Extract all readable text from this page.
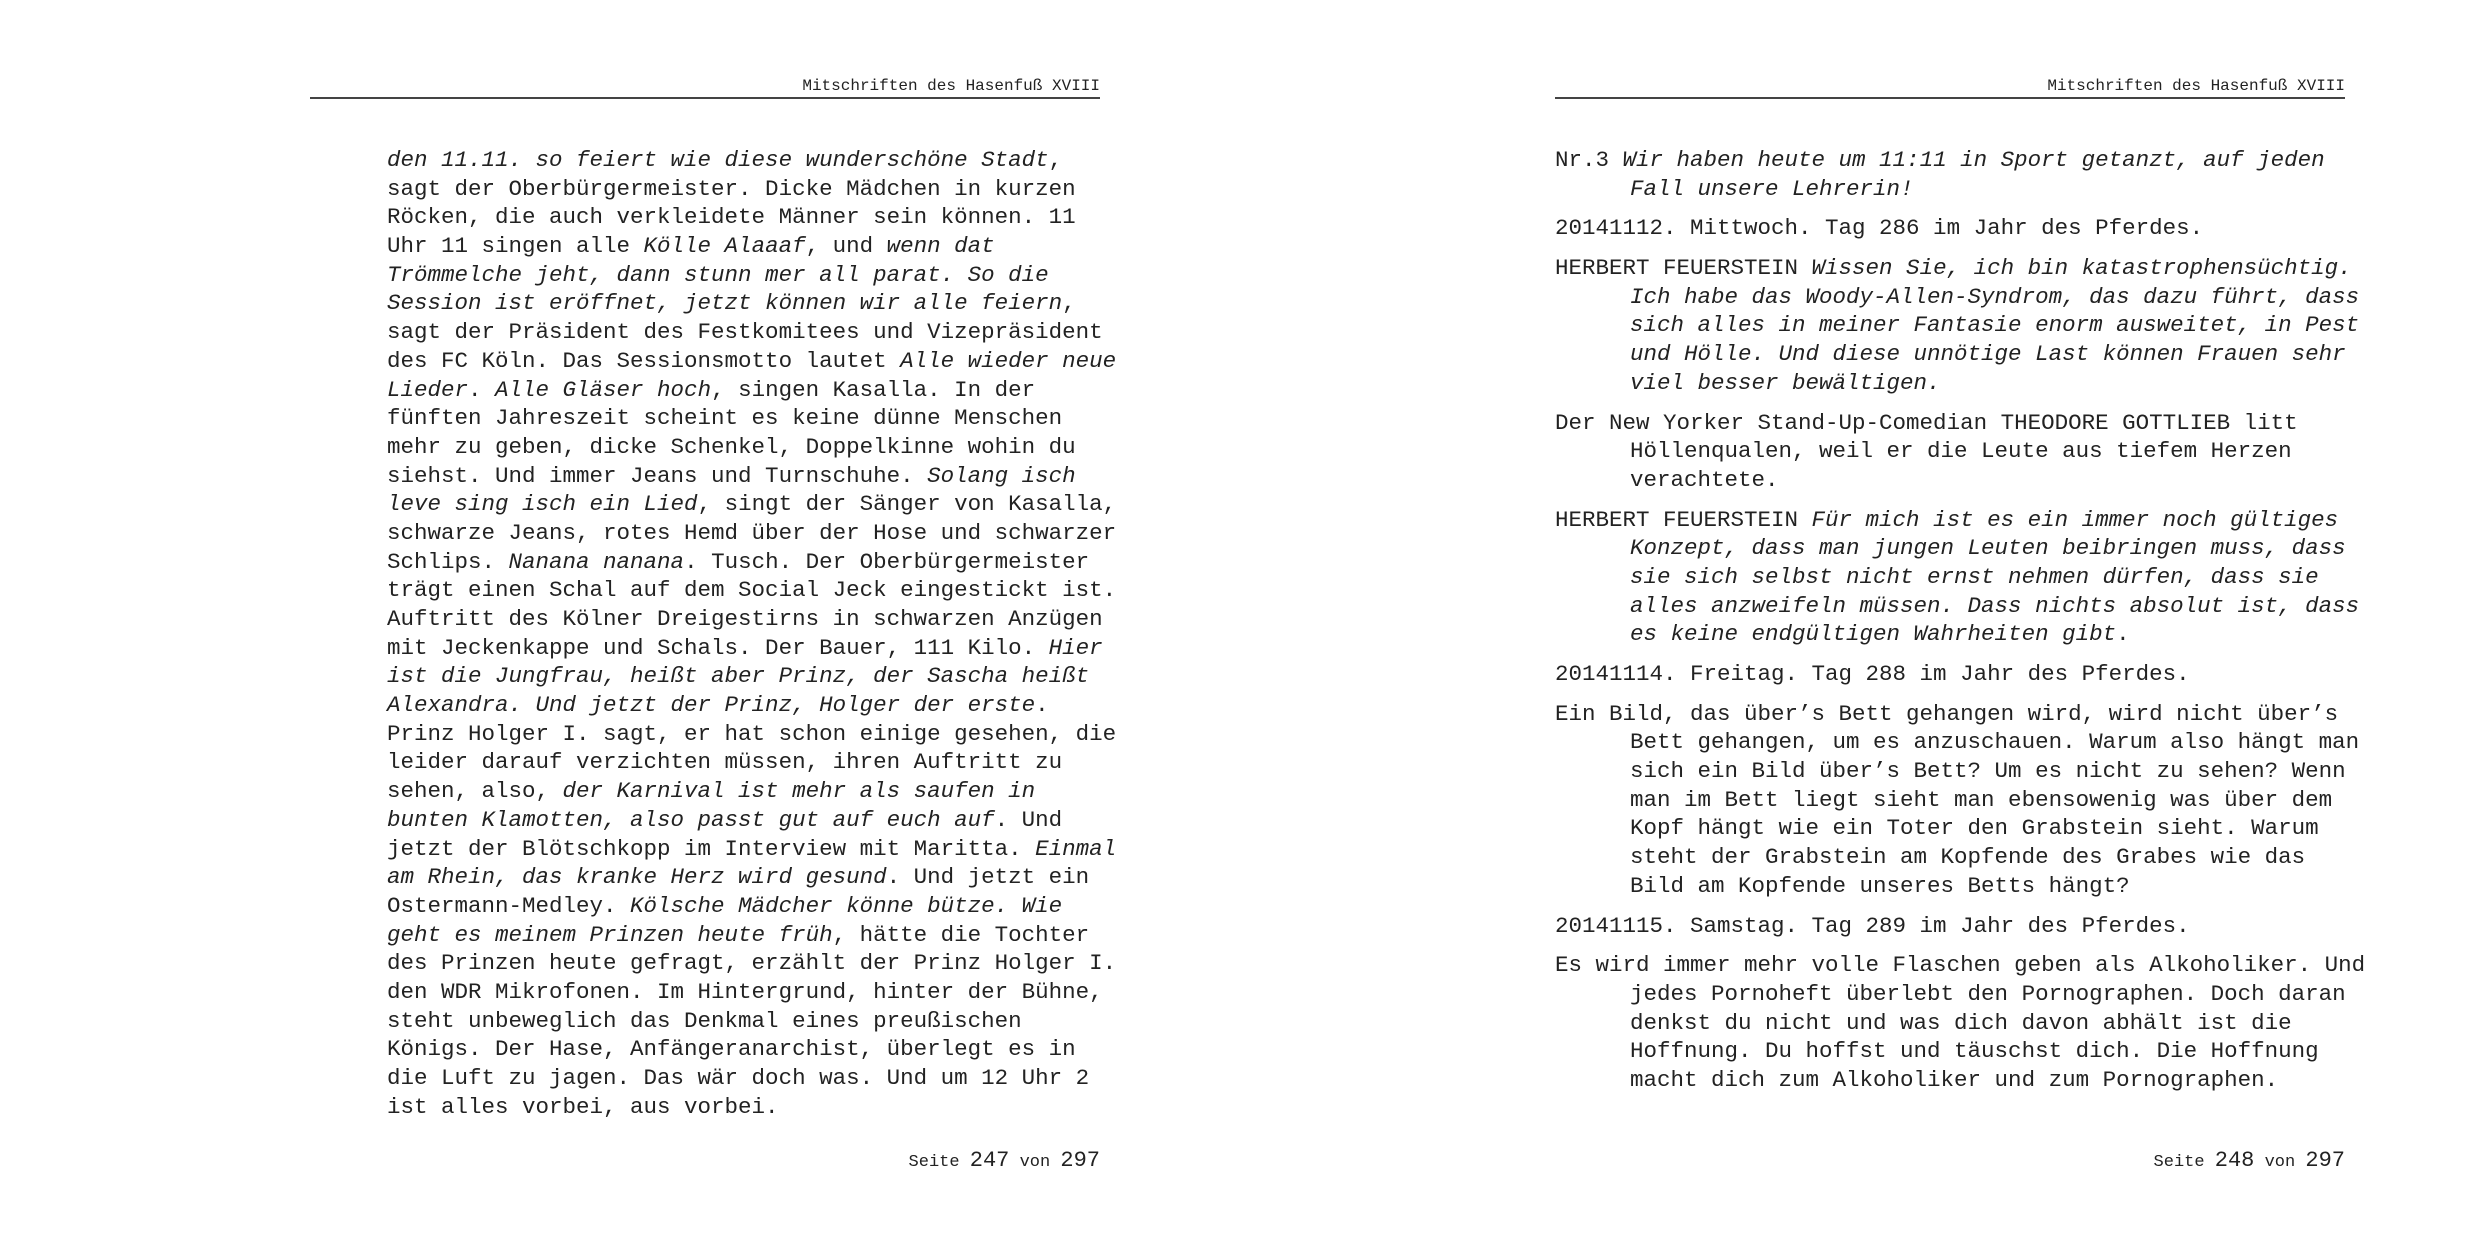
Mitschriften des Hasenfuß XVIII
den 11.11. so feiert wie diese wunderschöne Stadt,
sagt der Oberbürgermeister. Dicke Mädchen in kurzen
Röcken, die auch verkleidete Männer sein können. 11
Uhr 11 singen alle Kölle Alaaaf, und wenn dat
Trömmelche jeht, dann stunn mer all parat. So die
Session ist eröffnet, jetzt können wir alle feiern,
sagt der Präsident des Festkomitees und Vizepräsident
des FC Köln. Das Sessionsmotto lautet Alle wieder neue
Lieder. Alle Gläser hoch, singen Kasalla. In der
fünften Jahreszeit scheint es keine dünne Menschen
mehr zu geben, dicke Schenkel, Doppelkinne wohin du
siehst. Und immer Jeans und Turnschuhe. Solang isch
leve sing isch ein Lied, singt der Sänger von Kasalla,
schwarze Jeans, rotes Hemd über der Hose und schwarzer
Schlips. Nanana nanana. Tusch. Der Oberbürgermeister
trägt einen Schal auf dem Social Jeck eingestickt ist.
Auftritt des Kölner Dreigestirns in schwarzen Anzügen
mit Jeckenkappe und Schals. Der Bauer, 111 Kilo. Hier
ist die Jungfrau, heißt aber Prinz, der Sascha heißt
Alexandra. Und jetzt der Prinz, Holger der erste.
Prinz Holger I. sagt, er hat schon einige gesehen, die
leider darauf verzichten müssen, ihren Auftritt zu
sehen, also, der Karnival ist mehr als saufen in
bunten Klamotten, also passt gut auf euch auf. Und
jetzt der Blötschkopp im Interview mit Maritta. Einmal
am Rhein, das kranke Herz wird gesund. Und jetzt ein
Ostermann-Medley. Kölsche Mädcher könne bütze. Wie
geht es meinem Prinzen heute früh, hätte die Tochter
des Prinzen heute gefragt, erzählt der Prinz Holger I.
den WDR Mikrofonen. Im Hintergrund, hinter der Bühne,
steht unbeweglich das Denkmal eines preußischen
Königs. Der Hase, Anfängeranarchist, überlegt es in
die Luft zu jagen. Das wär doch was. Und um 12 Uhr 2
ist alles vorbei, aus vorbei.
Seite 247 von 297
Mitschriften des Hasenfuß XVIII
Nr.3 Wir haben heute um 11:11 in Sport getanzt, auf jeden
Fall unsere Lehrerin!
20141112. Mittwoch. Tag 286 im Jahr des Pferdes.
HERBERT FEUERSTEIN Wissen Sie, ich bin katastrophensüchtig.
Ich habe das Woody-Allen-Syndrom, das dazu führt, dass
sich alles in meiner Fantasie enorm ausweitet, in Pest
und Hölle. Und diese unnötige Last können Frauen sehr
viel besser bewältigen.
Der New Yorker Stand-Up-Comedian THEODORE GOTTLIEB litt
Höllenqualen, weil er die Leute aus tiefem Herzen
verachtete.
HERBERT FEUERSTEIN Für mich ist es ein immer noch gültiges
Konzept, dass man jungen Leuten beibringen muss, dass
sie sich selbst nicht ernst nehmen dürfen, dass sie
alles anzweifeln müssen. Dass nichts absolut ist, dass
es keine endgültigen Wahrheiten gibt.
20141114. Freitag. Tag 288 im Jahr des Pferdes.
Ein Bild, das über’s Bett gehangen wird, wird nicht über’s
Bett gehangen, um es anzuschauen. Warum also hängt man
sich ein Bild über’s Bett? Um es nicht zu sehen? Wenn
man im Bett liegt sieht man ebensowenig was über dem
Kopf hängt wie ein Toter den Grabstein sieht. Warum
steht der Grabstein am Kopfende des Grabes wie das
Bild am Kopfende unseres Betts hängt?
20141115. Samstag. Tag 289 im Jahr des Pferdes.
Es wird immer mehr volle Flaschen geben als Alkoholiker. Und
jedes Pornoheft überlebt den Pornographen. Doch daran
denkst du nicht und was dich davon abhält ist die
Hoffnung. Du hoffst und täuschst dich. Die Hoffnung
macht dich zum Alkoholiker und zum Pornographen.
Seite 248 von 297
